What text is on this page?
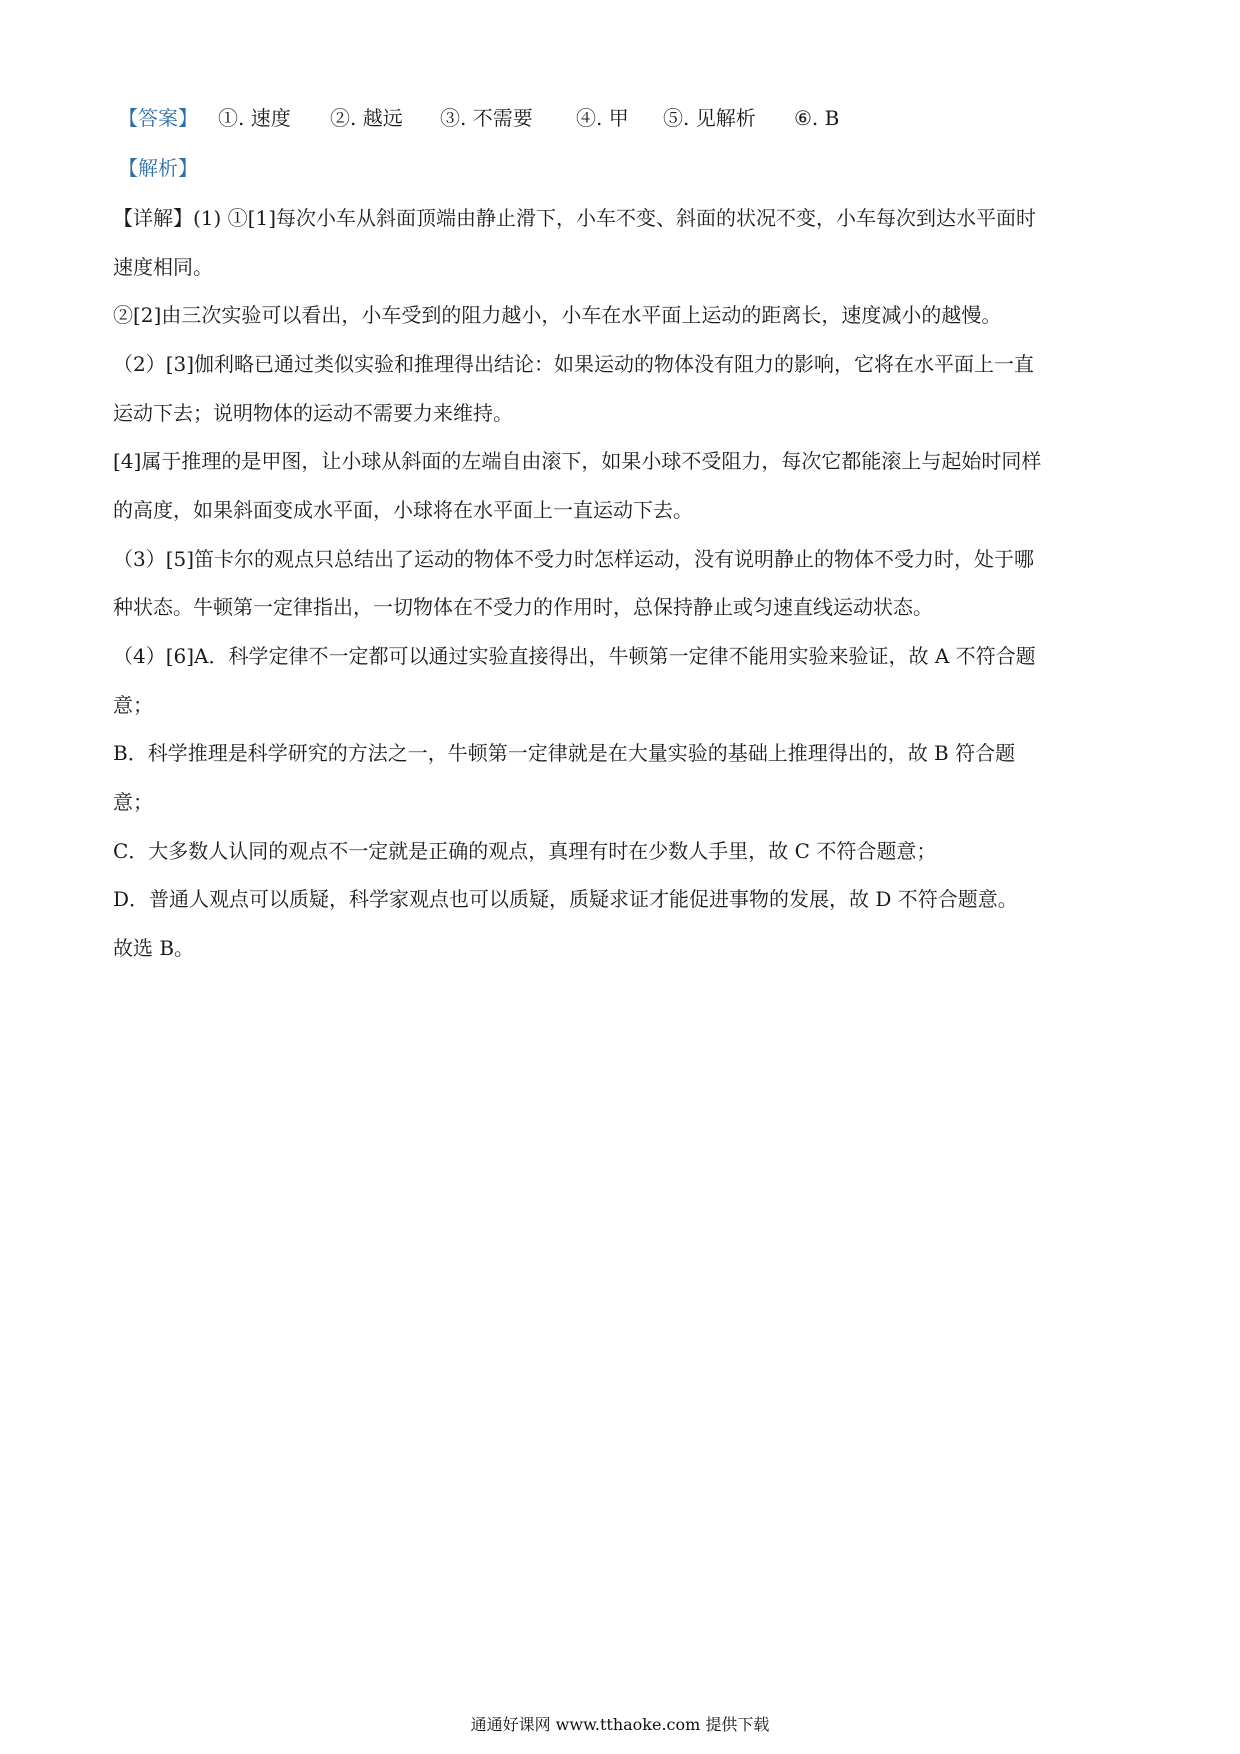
【答案】 ①. 速度 ②. 越远 ③. 不需要 ④. 甲 ⑤. 见解析 ⑥. B
【解析】
【详解】(1) ①[1]每次小车从斜面顶端由静止滑下，小车不变、斜面的状况不变，小车每次到达水平面时
速度相同。
②[2]由三次实验可以看出，小车受到的阻力越小，小车在水平面上运动的距离长，速度减小的越慢。
（2）[3]伽利略已通过类似实验和推理得出结论：如果运动的物体没有阻力的影响，它将在水平面上一直
运动下去；说明物体的运动不需要力来维持。
[4]属于推理的是甲图，让小球从斜面的左端自由滚下，如果小球不受阻力，每次它都能滚上与起始时同样
的高度，如果斜面变成水平面，小球将在水平面上一直运动下去。
（3）[5]笛卡尔的观点只总结出了运动的物体不受力时怎样运动，没有说明静止的物体不受力时，处于哪
种状态。牛顿第一定律指出，一切物体在不受力的作用时，总保持静止或匀速直线运动状态。
（4）[6]A．科学定律不一定都可以通过实验直接得出，牛顿第一定律不能用实验来验证，故 A 不符合题
意；
B．科学推理是科学研究的方法之一，牛顿第一定律就是在大量实验的基础上推理得出的，故 B 符合题
意；
C．大多数人认同的观点不一定就是正确的观点，真理有时在少数人手里，故 C 不符合题意；
D．普通人观点可以质疑，科学家观点也可以质疑，质疑求证才能促进事物的发展，故 D 不符合题意。
故选 B。
通通好课网 www.tthaoke.com 提供下载
